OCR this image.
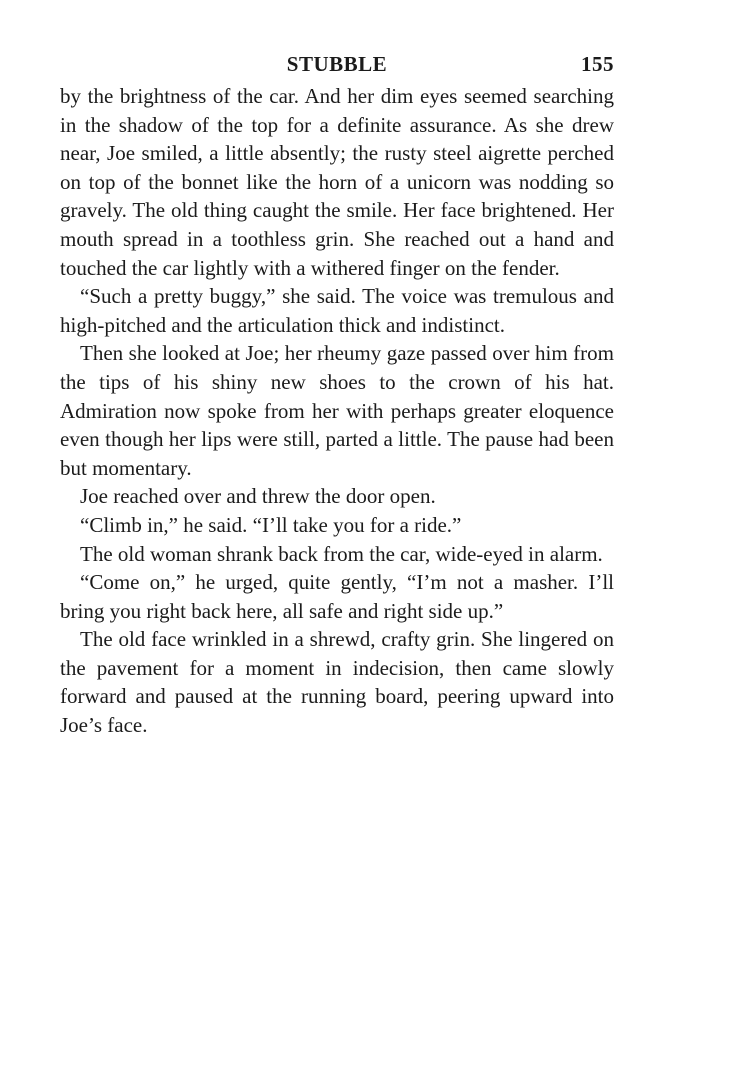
STUBBLE	155

by the brightness of the car. And her dim eyes seemed searching in the shadow of the top for a definite assurance. As she drew near, Joe smiled, a little absently; the rusty steel aigrette perched on top of the bonnet like the horn of a unicorn was nodding so gravely. The old thing caught the smile. Her face brightened. Her mouth spread in a toothless grin. She reached out a hand and touched the car lightly with a withered finger on the fender.

“Such a pretty buggy,” she said. The voice was tremulous and high-pitched and the articulation thick and indistinct.

Then she looked at Joe; her rheumy gaze passed over him from the tips of his shiny new shoes to the crown of his hat. Admiration now spoke from her with perhaps greater eloquence even though her lips were still, parted a little. The pause had been but momentary.

Joe reached over and threw the door open.

“Climb in,” he said. “I’ll take you for a ride.”

The old woman shrank back from the car, wide-eyed in alarm.

“Come on,” he urged, quite gently, “I’m not a masher. I’ll bring you right back here, all safe and right side up.”

The old face wrinkled in a shrewd, crafty grin. She lingered on the pavement for a moment in indecision, then came slowly forward and paused at the running board, peering upward into Joe’s face.
